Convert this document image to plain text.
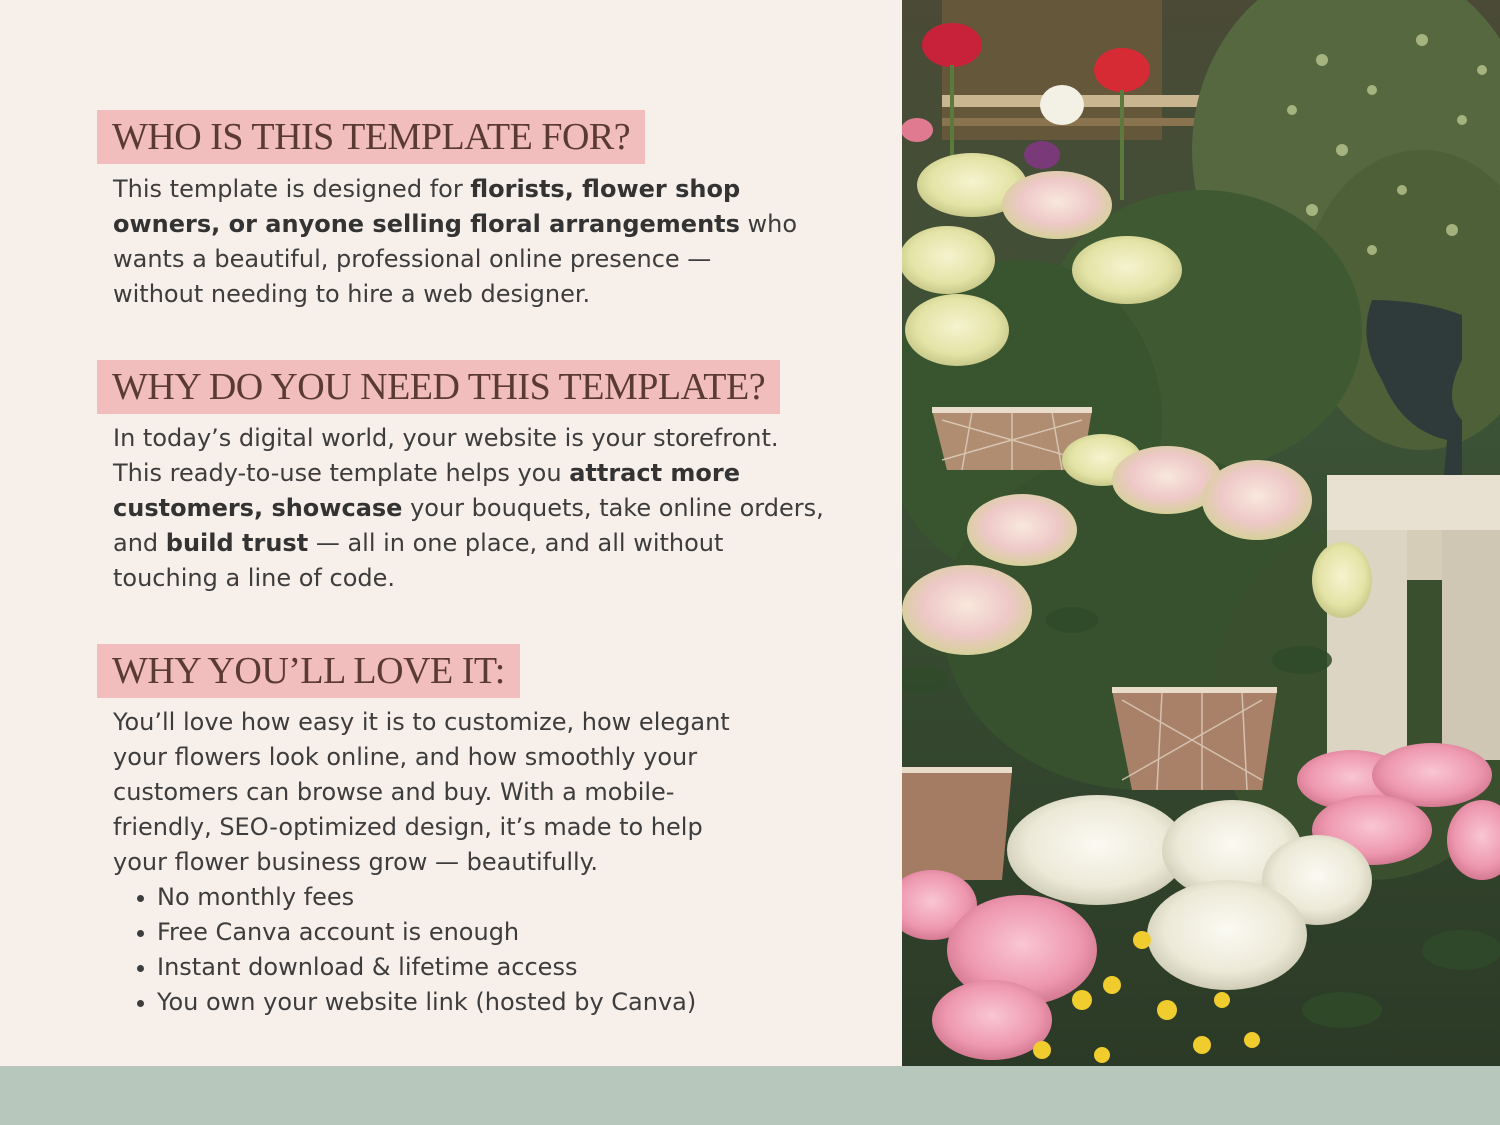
WHO IS THIS TEMPLATE FOR?

This template is designed for florists, flower shop
owners, or anyone selling floral arrangements who
wants a beautiful, professional online presence —
without needing to hire a web designer.

WHY DO YOU NEED THIS TEMPLATE?

In today’s digital world, your website is your storefront.
This ready-to-use template helps you attract more
customers, showcase your bouquets, take online orders,
and build trust — all in one place, and all without
touching a line of code.

WHY YOU’LL LOVE IT:

You’ll love how easy it is to customize, how elegant
your flowers look online, and how smoothly your
customers can browse and buy. With a mobile-
friendly, SEO-optimized design, it’s made to help
your flower business grow — beautifully.

No monthly fees
Free Canva account is enough
Instant download & lifetime access
You own your website link (hosted by Canva)
